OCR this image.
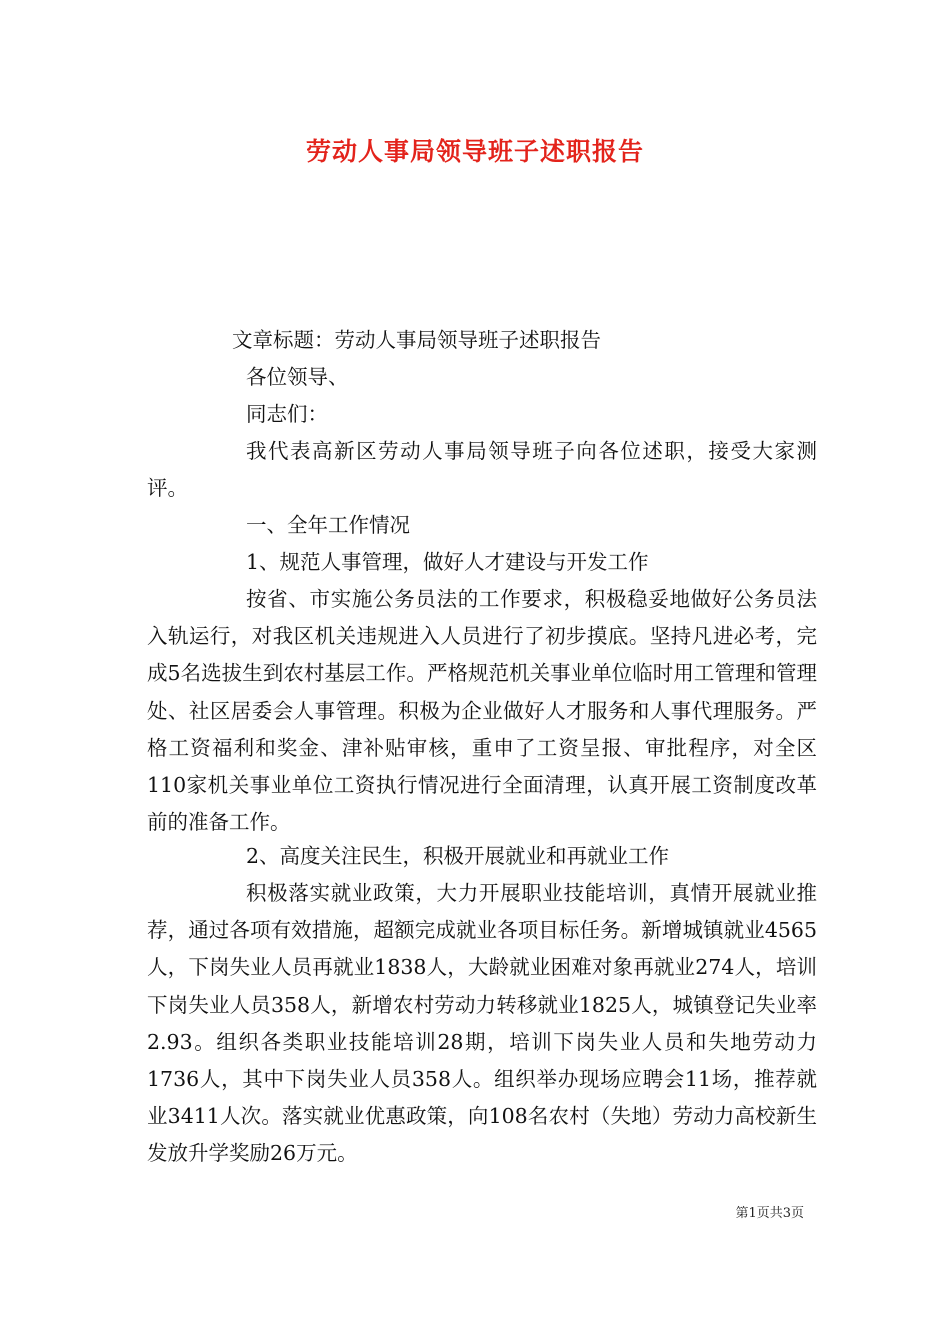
劳动人事局领导班子述职报告
文章标题：劳动人事局领导班子述职报告
各位领导、
同志们：
我代表高新区劳动人事局领导班子向各位述职，接受大家测评。
一、全年工作情况
1、规范人事管理，做好人才建设与开发工作
按省、市实施公务员法的工作要求，积极稳妥地做好公务员法入轨运行，对我区机关违规进入人员进行了初步摸底。坚持凡进必考，完成5名选拔生到农村基层工作。严格规范机关事业单位临时用工管理和管理处、社区居委会人事管理。积极为企业做好人才服务和人事代理服务。严格工资福利和奖金、津补贴审核，重申了工资呈报、审批程序，对全区110家机关事业单位工资执行情况进行全面清理，认真开展工资制度改革前的准备工作。
2、高度关注民生，积极开展就业和再就业工作
积极落实就业政策，大力开展职业技能培训，真情开展就业推荐，通过各项有效措施，超额完成就业各项目标任务。新增城镇就业4565人，下岗失业人员再就业1838人，大龄就业困难对象再就业274人，培训下岗失业人员358人，新增农村劳动力转移就业1825人，城镇登记失业率2.93。组织各类职业技能培训28期，培训下岗失业人员和失地劳动力1736人，其中下岗失业人员358人。组织举办现场应聘会11场，推荐就业3411人次。落实就业优惠政策，向108名农村（失地）劳动力高校新生发放升学奖励26万元。
第1页共3页
